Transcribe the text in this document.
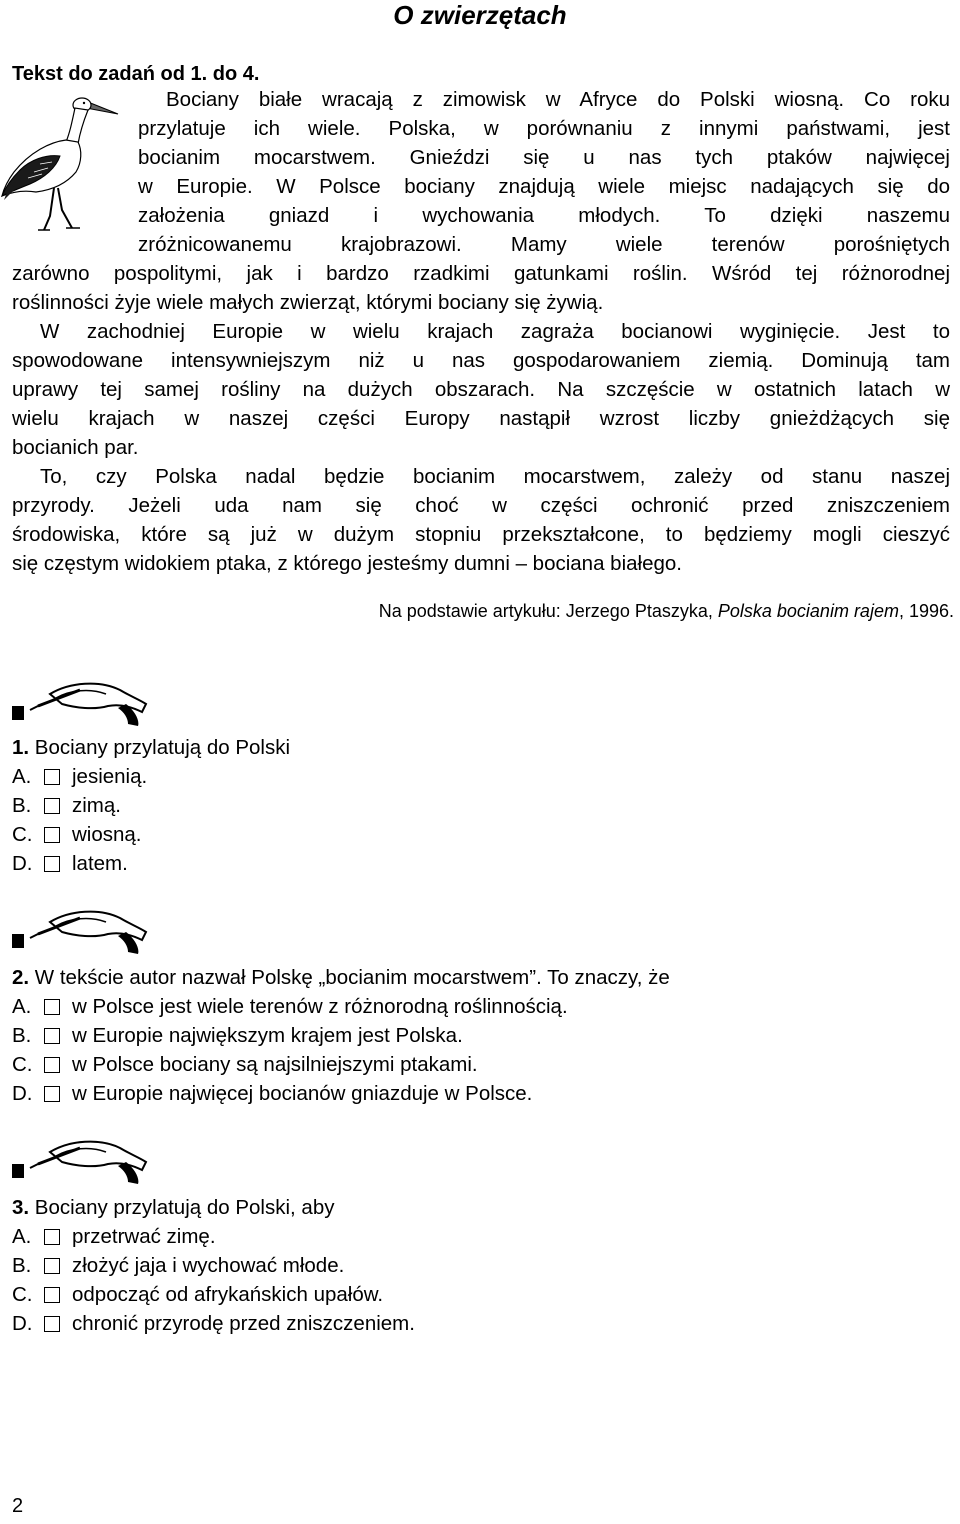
O zwierzętach
Tekst do zadań od 1. do 4.
Bociany białe wracają z zimowisk w Afryce do Polski wiosną. Co roku
przylatuje ich wiele. Polska, w porównaniu z innymi państwami, jest
bocianim mocarstwem. Gnieździ się u nas tych ptaków najwięcej
w Europie. W Polsce bociany znajdują wiele miejsc nadających się do
założenia gniazd i wychowania młodych. To dzięki naszemu
zróżnicowanemu krajobrazowi. Mamy wiele terenów porośniętych
zarówno pospolitymi, jak i bardzo rzadkimi gatunkami roślin. Wśród tej różnorodnej
roślinności żyje wiele małych zwierząt, którymi bociany się żywią.
W zachodniej Europie w wielu krajach zagraża bocianowi wyginięcie. Jest to
spowodowane intensywniejszym niż u nas gospodarowaniem ziemią. Dominują tam
uprawy tej samej rośliny na dużych obszarach. Na szczęście w ostatnich latach w
wielu krajach w naszej części Europy nastąpił wzrost liczby gnieżdżących się
bocianich par.
To, czy Polska nadal będzie bocianim mocarstwem, zależy od stanu naszej
przyrody. Jeżeli uda nam się choć w części ochronić przed zniszczeniem
środowiska, które są już w dużym stopniu przekształcone, to będziemy mogli cieszyć
się częstym widokiem ptaka, z którego jesteśmy dumni – bociana białego.
Na podstawie artykułu: Jerzego Ptaszyka, Polska bocianim rajem, 1996.
1. Bociany przylatują do Polski
A. jesienią.
B. zimą.
C. wiosną.
D. latem.
2. W tekście autor nazwał Polskę „bocianim mocarstwem”. To znaczy, że
A. w Polsce jest wiele terenów z różnorodną roślinnością.
B. w Europie największym krajem jest Polska.
C. w Polsce bociany są najsilniejszymi ptakami.
D. w Europie najwięcej bocianów gniazduje w Polsce.
3. Bociany przylatują do Polski, aby
A. przetrwać zimę.
B. złożyć jaja i wychować młode.
C. odpocząć od afrykańskich upałów.
D. chronić przyrodę przed zniszczeniem.
2
